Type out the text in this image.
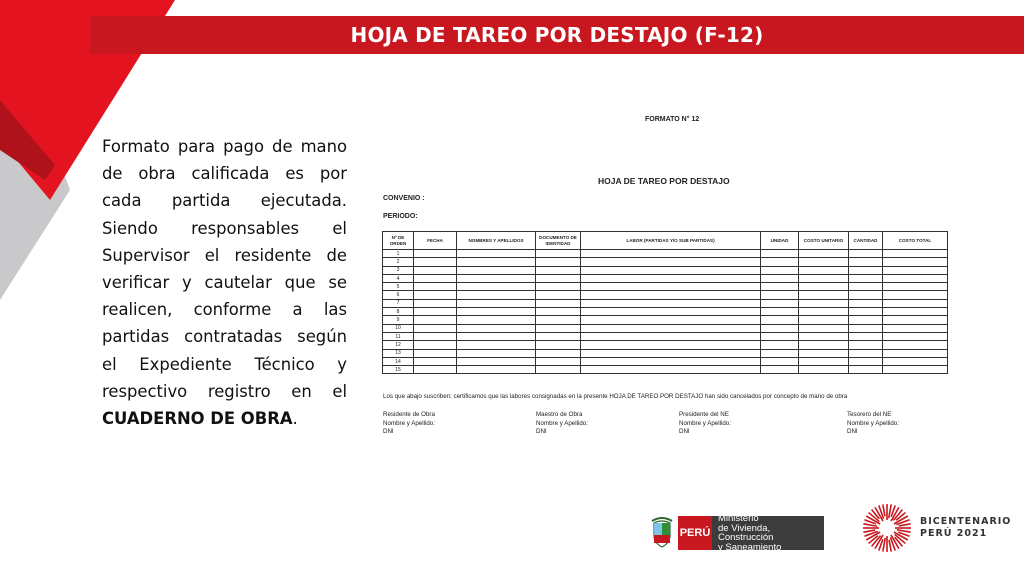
HOJA DE TAREO POR DESTAJO (F-12)
Formato para pago de mano de obra calificada es por cada partida ejecutada. Siendo responsables el Supervisor el residente de verificar y cautelar que se realicen, conforme a las partidas contratadas según el Expediente Técnico y respectivo registro en el CUADERNO DE OBRA.
FORMATO N° 12
HOJA DE TAREO POR DESTAJO
CONVENIO :
PERIODO:
Nº DE ORDEN	FECHA	NOMBRES Y APELLIDOS	DOCUMENTO DE IDENTIDAD	LABOR (PARTIDAS Y/O SUB PARTIDAS)	UNIDAD	COSTO UNITARIO	CANTIDAD	COSTO TOTAL
1								
2								
3								
4								
5								
6								
7								
8								
9								
10								
11								
12								
13								
14								
15								
Los que abajo suscriben; certificamos que las labores consignadas en la presente HOJA DE TAREO POR DESTAJO han sido cancelados por concepto de mano de obra
Residente de Obra
Nombre y Apellido:
DNI
Maestro de Obra
Nombre y Apellido:
DNI
Presidente del NE
Nombre y Apellido:
DNI
Tesorero del NE
Nombre y Apellido:
DNI
PERÚ
Ministerio
de Vivienda, Construcción
y Saneamiento
BICENTENARIO
PERÚ 2021
